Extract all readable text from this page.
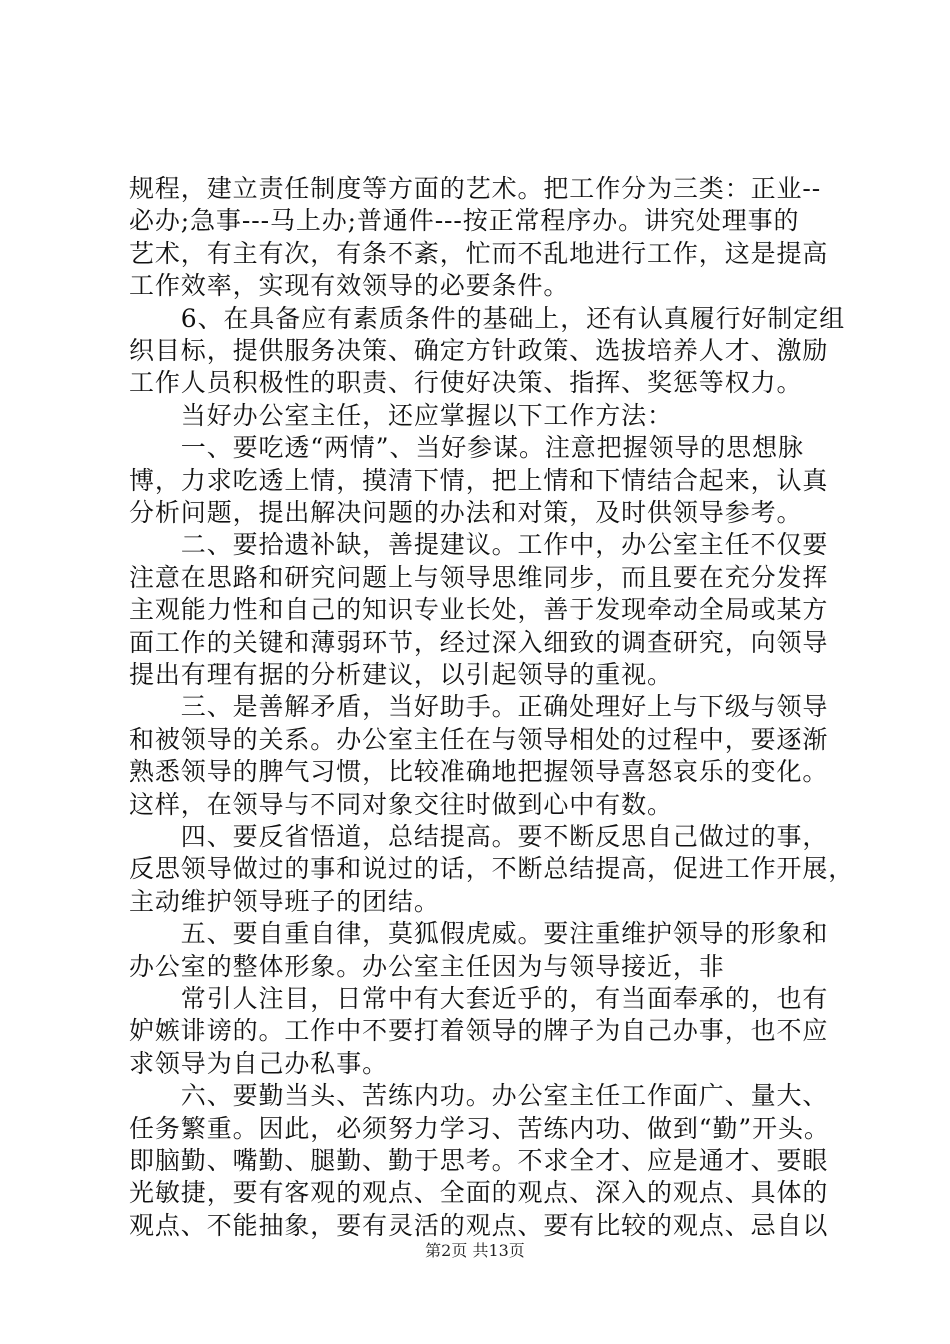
规程，建立责任制度等方面的艺术。把工作分为三类：正业--
必办;急事---马上办;普通件---按正常程序办。讲究处理事的
艺术，有主有次，有条不紊，忙而不乱地进行工作，这是提高
工作效率，实现有效领导的必要条件。
　　6、在具备应有素质条件的基础上，还有认真履行好制定组
织目标，提供服务决策、确定方针政策、选拔培养人才、激励
工作人员积极性的职责、行使好决策、指挥、奖惩等权力。
　　当好办公室主任，还应掌握以下工作方法：
　　一、要吃透“两情”、当好参谋。注意把握领导的思想脉
博，力求吃透上情，摸清下情，把上情和下情结合起来，认真
分析问题，提出解决问题的办法和对策，及时供领导参考。
　　二、要拾遗补缺，善提建议。工作中，办公室主任不仅要
注意在思路和研究问题上与领导思维同步，而且要在充分发挥
主观能力性和自己的知识专业长处，善于发现牵动全局或某方
面工作的关键和薄弱环节，经过深入细致的调查研究，向领导
提出有理有据的分析建议，以引起领导的重视。
　　三、是善解矛盾，当好助手。正确处理好上与下级与领导
和被领导的关系。办公室主任在与领导相处的过程中，要逐渐
熟悉领导的脾气习惯，比较准确地把握领导喜怒哀乐的变化。
这样，在领导与不同对象交往时做到心中有数。
　　四、要反省悟道，总结提高。要不断反思自己做过的事，
反思领导做过的事和说过的话，不断总结提高，促进工作开展，
主动维护领导班子的团结。
　　五、要自重自律，莫狐假虎威。要注重维护领导的形象和
办公室的整体形象。办公室主任因为与领导接近，非
　　常引人注目，日常中有大套近乎的，有当面奉承的，也有
妒嫉诽谤的。工作中不要打着领导的牌子为自己办事，也不应
求领导为自己办私事。
　　六、要勤当头、苦练内功。办公室主任工作面广、量大、
任务繁重。因此，必须努力学习、苦练内功、做到“勤”开头。
即脑勤、嘴勤、腿勤、勤于思考。不求全才、应是通才、要眼
光敏捷，要有客观的观点、全面的观点、深入的观点、具体的
观点、不能抽象，要有灵活的观点、要有比较的观点、忌自以
第2页 共13页
